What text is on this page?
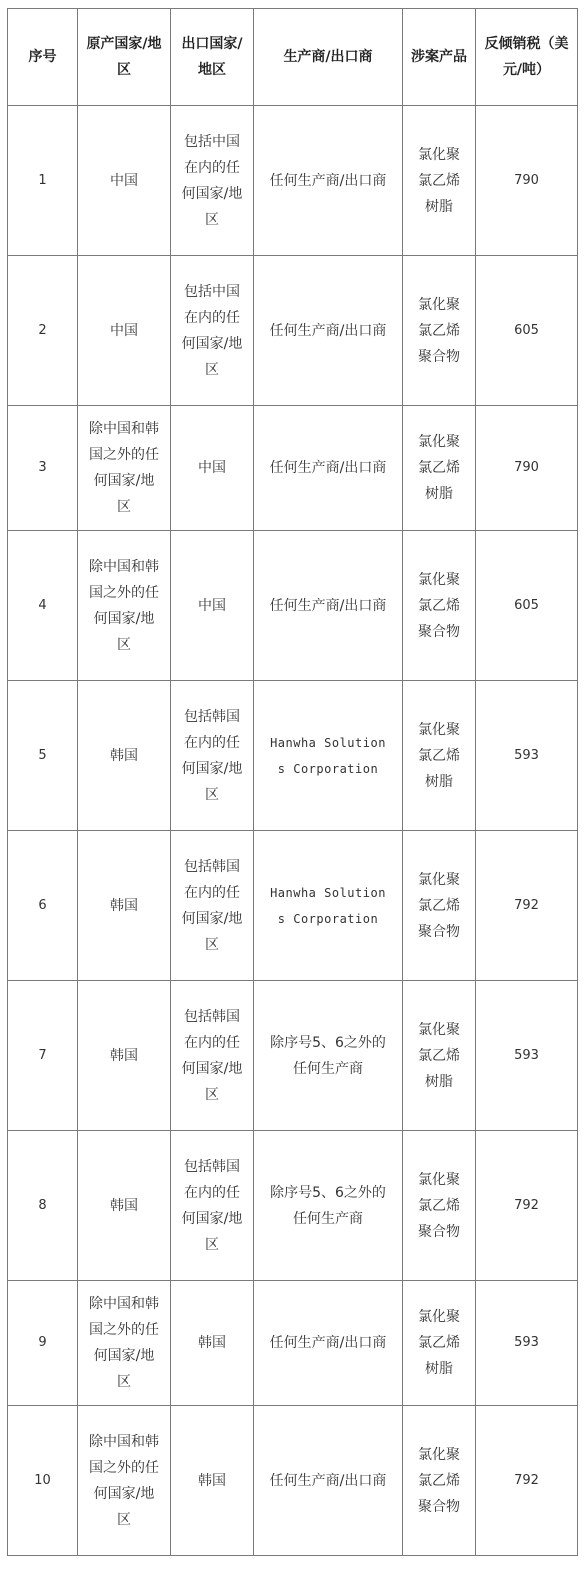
序号	原产国家/地区	出口国家/地区	生产商/出口商	涉案产品	反倾销税（美元/吨）
1	中国	包括中国在内的任何国家/地区	任何生产商/出口商	氯化聚氯乙烯树脂	790
2	中国	包括中国在内的任何国家/地区	任何生产商/出口商	氯化聚氯乙烯聚合物	605
3	除中国和韩国之外的任何国家/地区	中国	任何生产商/出口商	氯化聚氯乙烯树脂	790
4	除中国和韩国之外的任何国家/地区	中国	任何生产商/出口商	氯化聚氯乙烯聚合物	605
5	韩国	包括韩国在内的任何国家/地区	Hanwha Solutions Corporation	氯化聚氯乙烯树脂	593
6	韩国	包括韩国在内的任何国家/地区	Hanwha Solutions Corporation	氯化聚氯乙烯聚合物	792
7	韩国	包括韩国在内的任何国家/地区	除序号5、6之外的任何生产商	氯化聚氯乙烯树脂	593
8	韩国	包括韩国在内的任何国家/地区	除序号5、6之外的任何生产商	氯化聚氯乙烯聚合物	792
9	除中国和韩国之外的任何国家/地区	韩国	任何生产商/出口商	氯化聚氯乙烯树脂	593
10	除中国和韩国之外的任何国家/地区	韩国	任何生产商/出口商	氯化聚氯乙烯聚合物	792
